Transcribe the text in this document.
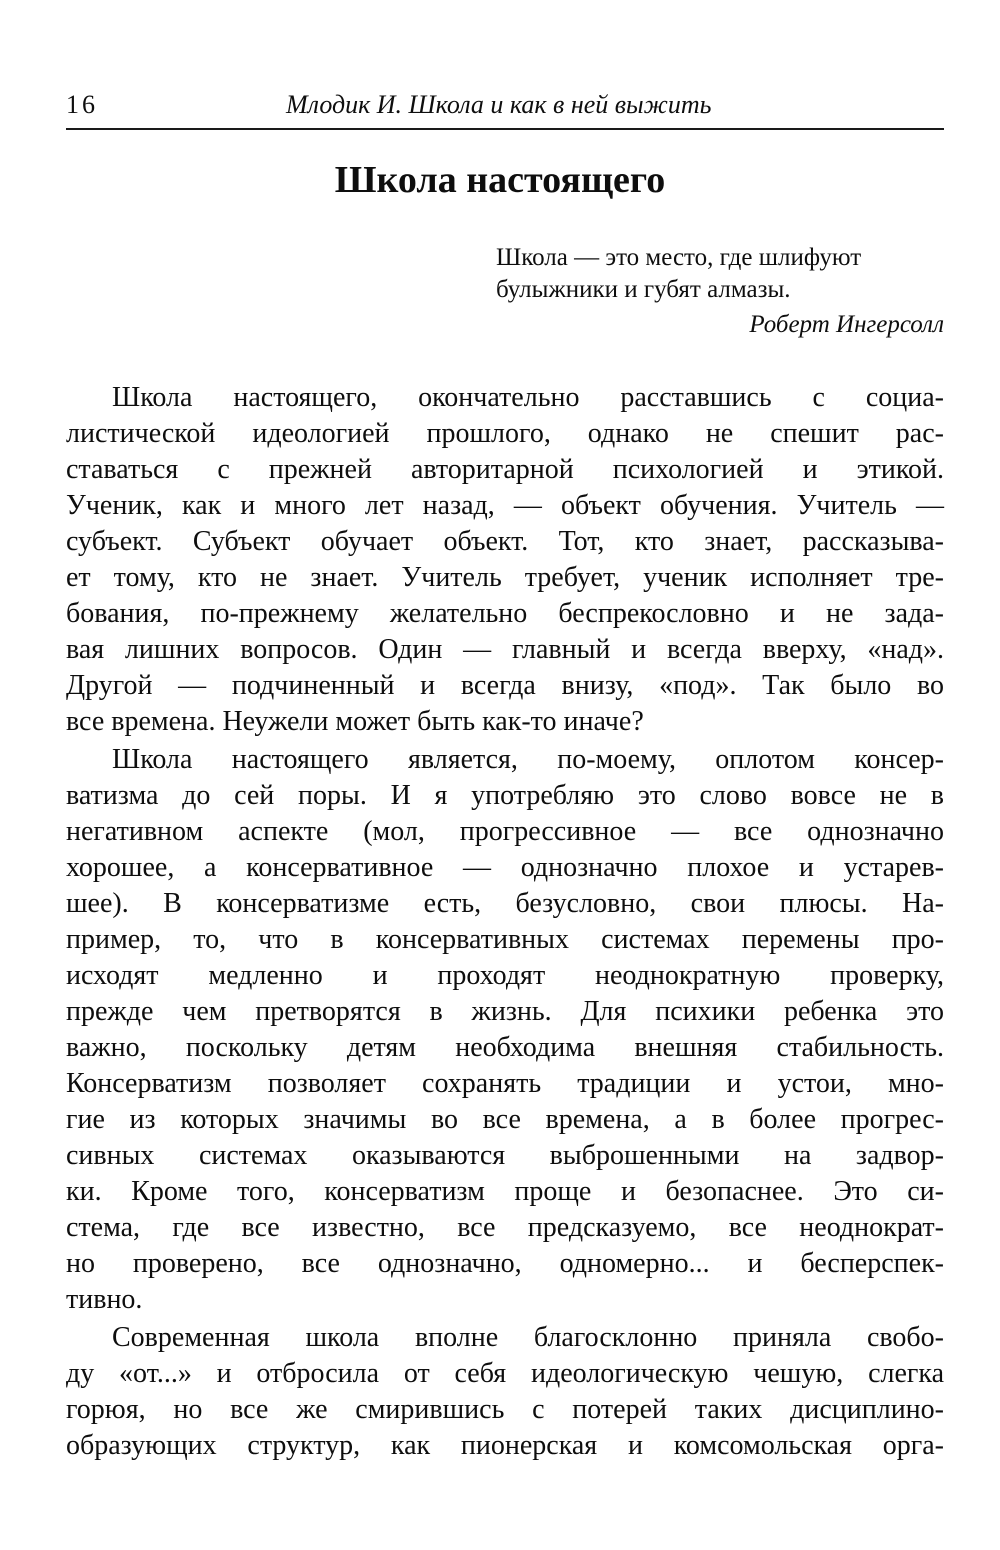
16	Млодик И. Школа и как в ней выжить
Школа настоящего
Школа — это место, где шлифуют
булыжники и губят алмазы.
Роберт Ингерсолл

Школа настоящего, окончательно расставшись с социа-
листической идеологией прошлого, однако не спешит рас-
ставаться с прежней авторитарной психологией и этикой.
Ученик, как и много лет назад, — объект обучения. Учитель —
субъект. Субъект обучает объект. Тот, кто знает, рассказыва-
ет тому, кто не знает. Учитель требует, ученик исполняет тре-
бования, по-прежнему желательно беспрекословно и не зада-
вая лишних вопросов. Один — главный и всегда вверху, «над».
Другой — подчиненный и всегда внизу, «под». Так было во
все времена. Неужели может быть как-то иначе?

Школа настоящего является, по-моему, оплотом консер-
ватизма до сей поры. И я употребляю это слово вовсе не в
негативном аспекте (мол, прогрессивное — все однозначно
хорошее, а консервативное — однозначно плохое и устарев-
шее). В консерватизме есть, безусловно, свои плюсы. На-
пример, то, что в консервативных системах перемены про-
исходят медленно и проходят неоднократную проверку,
прежде чем претворятся в жизнь. Для психики ребенка это
важно, поскольку детям необходима внешняя стабильность.
Консерватизм позволяет сохранять традиции и устои, мно-
гие из которых значимы во все времена, а в более прогрес-
сивных системах оказываются выброшенными на задвор-
ки. Кроме того, консерватизм проще и безопаснее. Это си-
стема, где все известно, все предсказуемо, все неоднократ-
но проверено, все однозначно, одномерно... и бесперспек-
тивно.

Современная школа вполне благосклонно приняла свобо-
ду «от...» и отбросила от себя идеологическую чешую, слегка
горюя, но все же смирившись с потерей таких дисциплино-
образующих структур, как пионерская и комсомольская орга-
